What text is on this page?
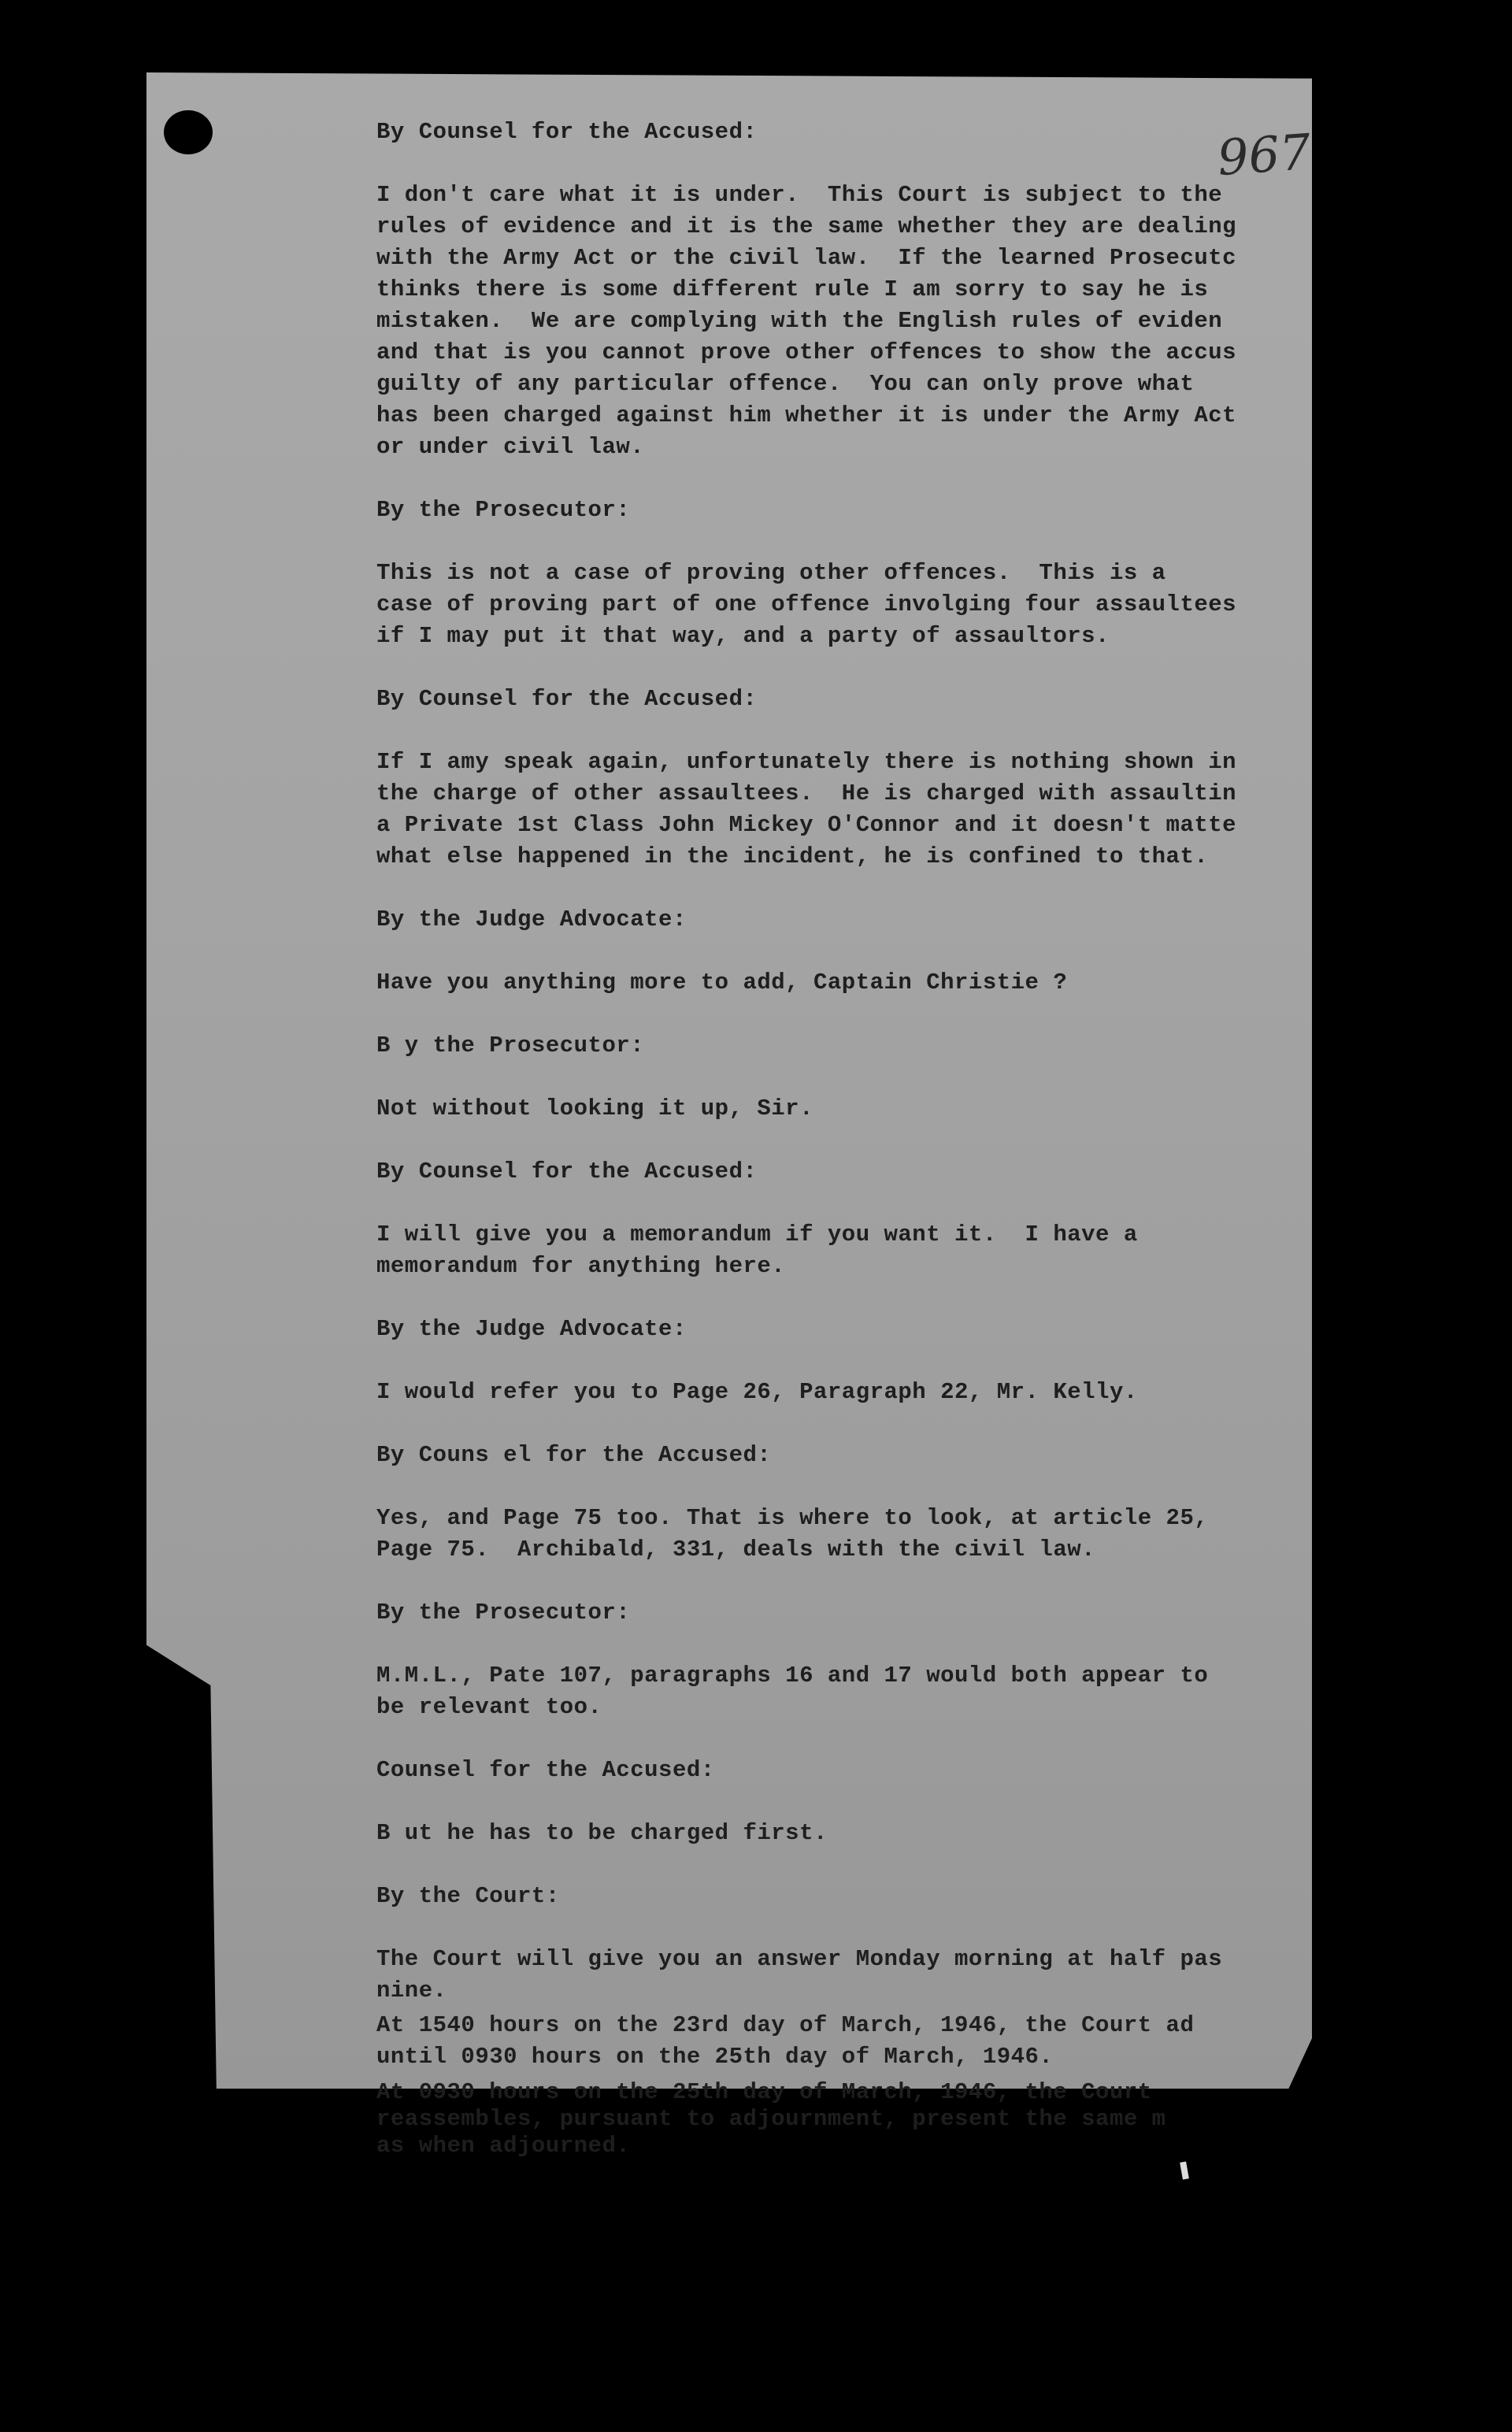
967

By Counsel for the Accused:

I don't care what it is under.  This Court is subject to the
rules of evidence and it is the same whether they are dealing
with the Army Act or the civil law.  If the learned Prosecutc
thinks there is some different rule I am sorry to say he is
mistaken.  We are complying with the English rules of eviden
and that is you cannot prove other offences to show the accus
guilty of any particular offence.  You can only prove what
has been charged against him whether it is under the Army Act
or under civil law.

By the Prosecutor:

This is not a case of proving other offences.  This is a
case of proving part of one offence involging four assaultees
if I may put it that way, and a party of assaultors.

By Counsel for the Accused:

If I amy speak again, unfortunately there is nothing shown in
the charge of other assaultees.  He is charged with assaultin
a Private 1st Class John Mickey O'Connor and it doesn't matte
what else happened in the incident, he is confined to that.

By the Judge Advocate:

Have you anything more to add, Captain Christie ?

B y the Prosecutor:

Not without looking it up, Sir.

By Counsel for the Accused:

I will give you a memorandum if you want it.  I have a
memorandum for anything here.

By the Judge Advocate:

I would refer you to Page 26, Paragraph 22, Mr. Kelly.

By Couns el for the Accused:

Yes, and Page 75 too. That is where to look, at article 25,
Page 75.  Archibald, 331, deals with the civil law.

By the Prosecutor:

M.M.L., Pate 107, paragraphs 16 and 17 would both appear to
be relevant too.

Counsel for the Accused:

B ut he has to be charged first.

By the Court:

The Court will give you an answer Monday morning at half pas
nine.

At 1540 hours on the 23rd day of March, 1946, the Court ad
until 0930 hours on the 25th day of March, 1946.

At 0930 hours on the 25th day of March, 1946, the Court
reassembles, pursuant to adjournment, present the same m
as when adjourned.
